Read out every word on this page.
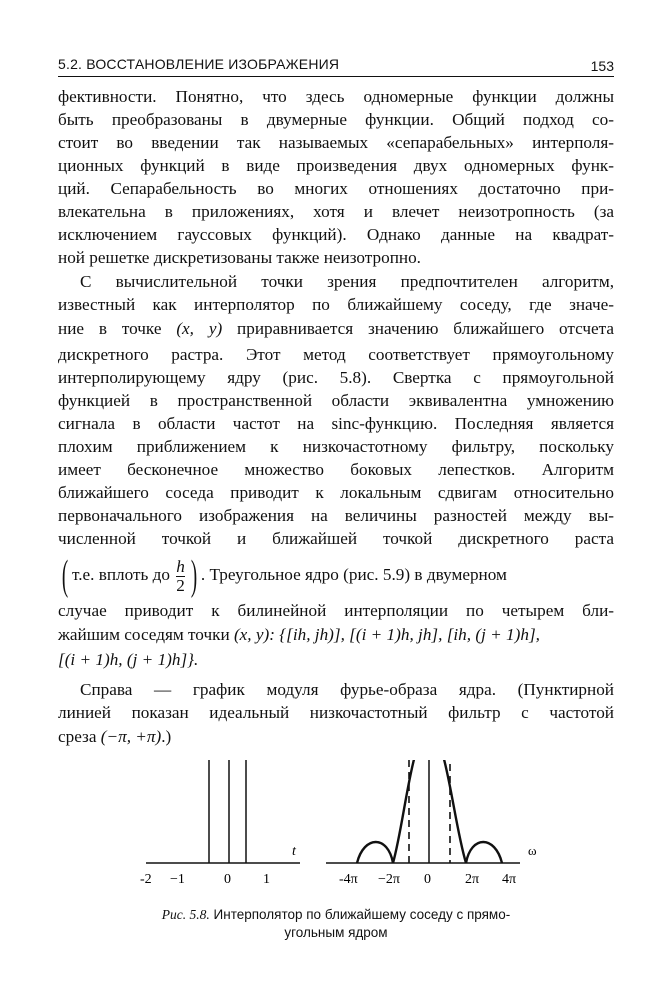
5.2. ВОССТАНОВЛЕНИЕ ИЗОБРАЖЕНИЯ	153
фективности. Понятно, что здесь одномерные функции должны
быть преобразованы в двумерные функции. Общий подход со-
стоит во введении так называемых «сепарабельных» интерполя-
ционных функций в виде произведения двух одномерных функ-
ций. Сепарабельность во многих отношениях достаточно при-
влекательна в приложениях, хотя и влечет неизотропность (за
исключением гауссовых функций). Однако данные на квадрат-
ной решетке дискретизованы также неизотропно.
С вычислительной точки зрения предпочтителен алгоритм,
известный как интерполятор по ближайшему соседу, где значе-
ние в точке (x, y) приравнивается значению ближайшего отсчета
дискретного растра. Этот метод соответствует прямоугольному
интерполирующему ядру (рис. 5.8). Свертка с прямоугольной
функцией в пространственной области эквивалентна умножению
сигнала в области частот на sinc-функцию. Последняя является
плохим приближением к низкочастотному фильтру, поскольку
имеет бесконечное множество боковых лепестков. Алгоритм
ближайшего соседа приводит к локальным сдвигам относительно
первоначального изображения на величины разностей между вы-
численной точкой и ближайшей точкой дискретного раста
( т.е. вплоть до $\frac{h}{2}$ ) . Треугольное ядро (рис. 5.9) в двумерном
случае приводит к билинейной интерполяции по четырем бли-
жайшим соседям точки (x, y): {[ih, jh)], [(i + 1)h, jh], [ih, (j + 1)h],
[(i + 1)h, (j + 1)h]}.
Справа — график модуля фурье-образа ядра. (Пунктирной
линией показан идеальный низкочастотный фильтр с частотой
среза (−π, +π).)
t
-2 −1	0 1
ω
-4π −2π 0 2π 4π
Рис. 5.8. Интерполятор по ближайшему соседу с прямо-
угольным ядром
